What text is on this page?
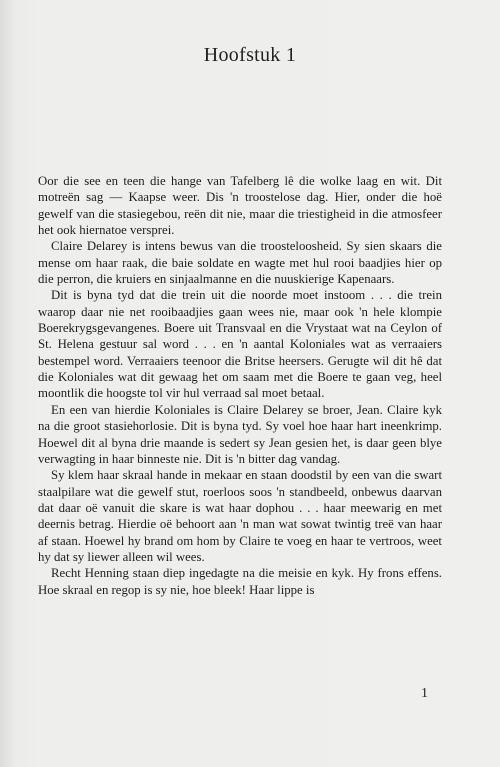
Hoofstuk 1

Oor die see en teen die hange van Tafelberg lê die wolke laag en wit. Dit motreën sag — Kaapse weer. Dis 'n troostelose dag. Hier, onder die hoë gewelf van die stasiegebou, reën dit nie, maar die triestigheid in die atmosfeer het ook hiernatoe versprei.

Claire Delarey is intens bewus van die troosteloosheid. Sy sien skaars die mense om haar raak, die baie soldate en wagte met hul rooi baadjies hier op die perron, die kruiers en sinjaalmanne en die nuuskierige Kapenaars.

Dit is byna tyd dat die trein uit die noorde moet instoom . . . die trein waarop daar nie net rooibaadjies gaan wees nie, maar ook 'n hele klompie Boerekrygsgevangenes. Boere uit Transvaal en die Vrystaat wat na Ceylon of St. Helena gestuur sal word . . . en 'n aantal Koloniales wat as verraaiers bestempel word. Verraaiers teenoor die Britse heersers. Gerugte wil dit hê dat die Koloniales wat dit gewaag het om saam met die Boere te gaan veg, heel moontlik die hoogste tol vir hul verraad sal moet betaal.

En een van hierdie Koloniales is Claire Delarey se broer, Jean. Claire kyk na die groot stasiehorlosie. Dit is byna tyd. Sy voel hoe haar hart ineenkrimp. Hoewel dit al byna drie maande is sedert sy Jean gesien het, is daar geen blye verwagting in haar binneste nie. Dit is 'n bitter dag vandag.

Sy klem haar skraal hande in mekaar en staan doodstil by een van die swart staalpilare wat die gewelf stut, roerloos soos 'n standbeeld, onbewus daarvan dat daar oë vanuit die skare is wat haar dophou . . . haar meewarig en met deernis betrag. Hierdie oë behoort aan 'n man wat sowat twintig treë van haar af staan. Hoewel hy brand om hom by Claire te voeg en haar te vertroos, weet hy dat sy liewer alleen wil wees.

Recht Henning staan diep ingedagte na die meisie en kyk. Hy frons effens. Hoe skraal en regop is sy nie, hoe bleek! Haar lippe is

1
